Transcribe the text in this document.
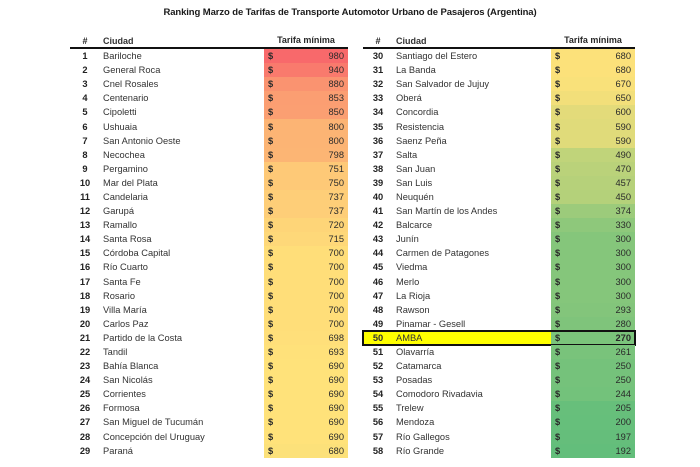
Ranking Marzo de Tarifas de Transporte Automotor Urbano de Pasajeros (Argentina)
#	Ciudad	Tarifa mínima
1	Bariloche	$	980
2	General Roca	$	940
3	Cnel Rosales	$	880
4	Centenario	$	853
5	Cipoletti	$	850
6	Ushuaia	$	800
7	San Antonio Oeste	$	800
8	Necochea	$	798
9	Pergamino	$	751
10	Mar del Plata	$	750
11	Candelaria	$	737
12	Garupá	$	737
13	Ramallo	$	720
14	Santa Rosa	$	715
15	Córdoba Capital	$	700
16	Río Cuarto	$	700
17	Santa Fe	$	700
18	Rosario	$	700
19	Villa María	$	700
20	Carlos Paz	$	700
21	Partido de la Costa	$	698
22	Tandil	$	693
23	Bahía Blanca	$	690
24	San Nicolás	$	690
25	Corrientes	$	690
26	Formosa	$	690
27	San Miguel de Tucumán	$	690
28	Concepción del Uruguay	$	690
29	Paraná	$	680
#	Ciudad	Tarifa mínima
30	Santiago del Estero	$	680
31	La Banda	$	680
32	San Salvador de Jujuy	$	670
33	Oberá	$	650
34	Concordia	$	600
35	Resistencia	$	590
36	Saenz Peña	$	590
37	Salta	$	490
38	San Juan	$	470
39	San Luis	$	457
40	Neuquén	$	450
41	San Martín de los Andes	$	374
42	Balcarce	$	330
43	Junín	$	300
44	Carmen de Patagones	$	300
45	Viedma	$	300
46	Merlo	$	300
47	La Rioja	$	300
48	Rawson	$	293
49	Pinamar - Gesell	$	280
50	AMBA	$	270
51	Olavarría	$	261
52	Catamarca	$	250
53	Posadas	$	250
54	Comodoro Rivadavia	$	244
55	Trelew	$	205
56	Mendoza	$	200
57	Río Gallegos	$	197
58	Río Grande	$	192
